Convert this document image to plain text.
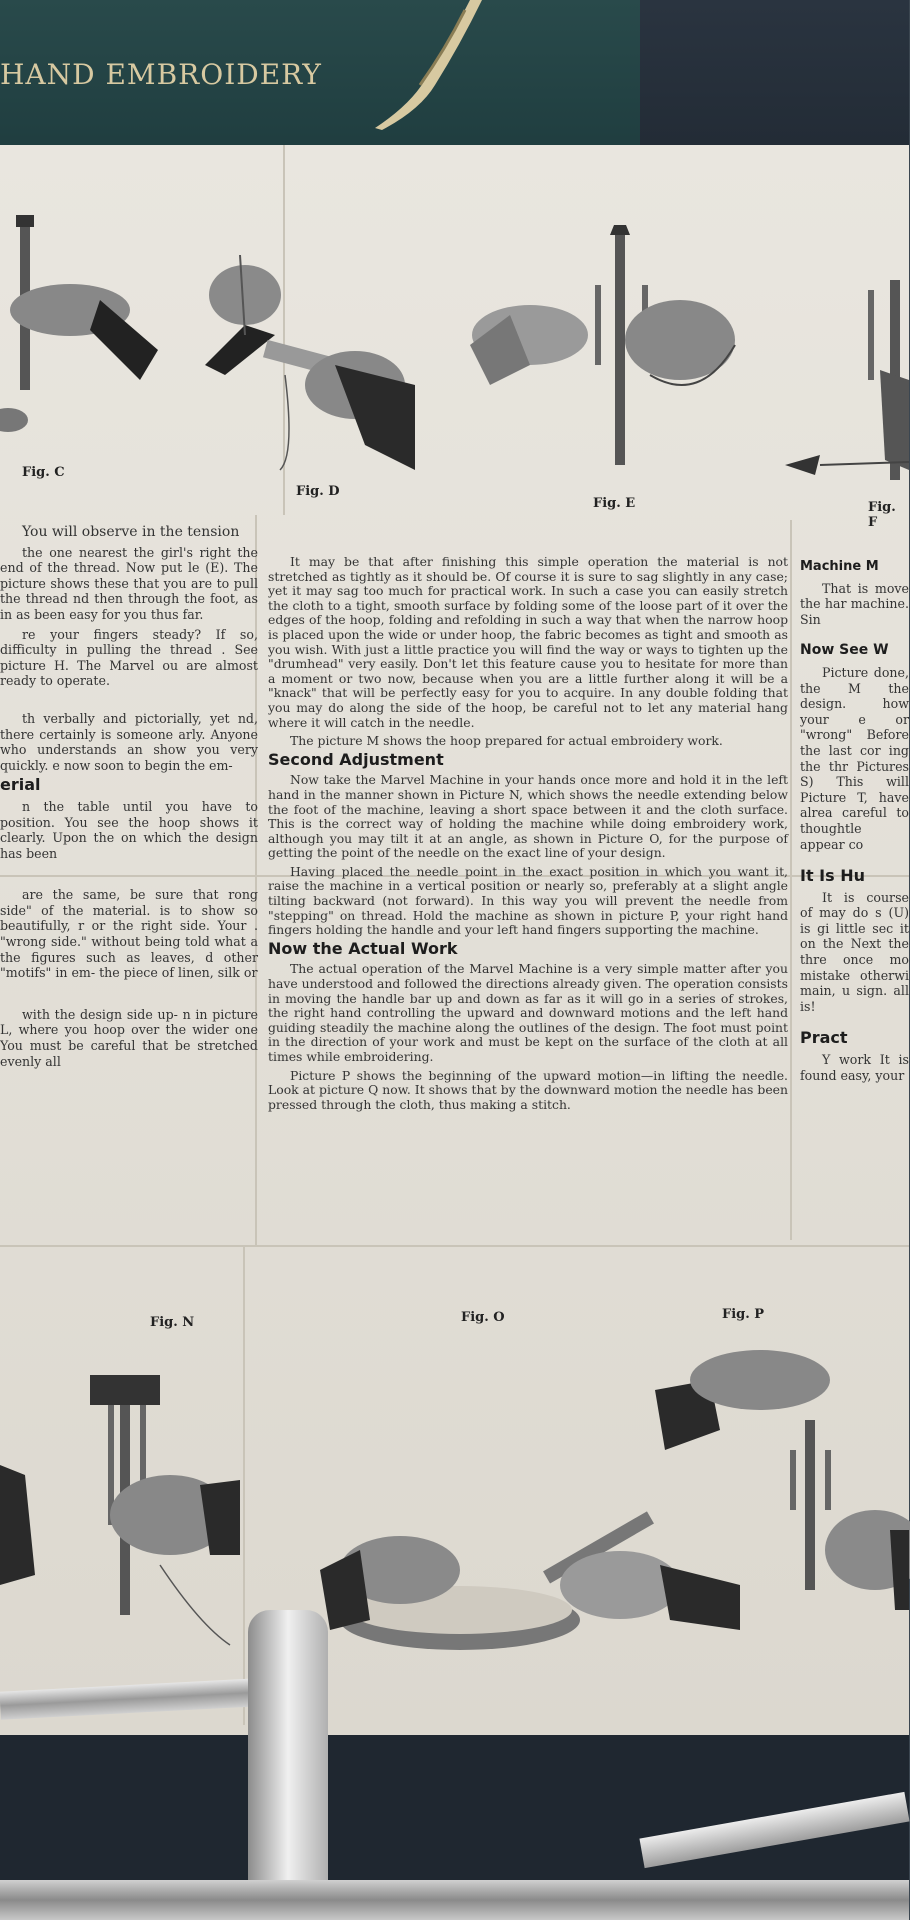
HAND EMBROIDERY
Fig. C
Fig. D
Fig. E	Fig. F

You will observe in the tension

the one nearest the girl's right the end of the thread. Now put le (E). The picture shows these that you are to pull the thread nd then through the foot, as in as been easy for you thus far.

re your fingers steady? If so, difficulty in pulling the thread . See picture H. The Marvel ou are almost ready to operate.

th verbally and pictorially, yet nd, there certainly is someone arly. Anyone who understands an show you very quickly. e now soon to begin the em-

erial

n the table until you have to position. You see the hoop shows it clearly. Upon the on which the design has been

are the same, be sure that rong side" of the material. is to show so beautifully, r or the right side. Your . "wrong side." without being told what a the figures such as leaves, d other "motifs" in em- the piece of linen, silk or

with the design side up- n in picture L, where you hoop over the wider one You must be careful that be stretched evenly all

It may be that after finishing this simple operation the material is not stretched as tightly as it should be. Of course it is sure to sag slightly in any case; yet it may sag too much for practical work. In such a case you can easily stretch the cloth to a tight, smooth surface by folding some of the loose part of it over the edges of the hoop, folding and refolding in such a way that when the narrow hoop is placed upon the wide or under hoop, the fabric becomes as tight and smooth as you wish. With just a little practice you will find the way or ways to tighten up the "drumhead" very easily. Don't let this feature cause you to hesitate for more than a moment or two now, because when you are a little further along it will be a "knack" that will be perfectly easy for you to acquire. In any double folding that you may do along the side of the hoop, be careful not to let any material hang where it will catch in the needle.

The picture M shows the hoop prepared for actual embroidery work.

Second Adjustment

Now take the Marvel Machine in your hands once more and hold it in the left hand in the manner shown in Picture N, which shows the needle extending below the foot of the machine, leaving a short space between it and the cloth surface. This is the correct way of holding the machine while doing embroidery work, although you may tilt it at an angle, as shown in Picture O, for the purpose of getting the point of the needle on the exact line of your design.

Having placed the needle point in the exact position in which you want it, raise the machine in a vertical position or nearly so, preferably at a slight angle tilting backward (not forward). In this way you will prevent the needle from "stepping" on thread. Hold the machine as shown in picture P, your right hand fingers holding the handle and your left hand fingers supporting the machine.

Now the Actual Work

The actual operation of the Marvel Machine is a very simple matter after you have understood and followed the directions already given. The operation consists in moving the handle bar up and down as far as it will go in a series of strokes, the right hand controlling the upward and downward motions and the left hand guiding steadily the machine along the outlines of the design. The foot must point in the direction of your work and must be kept on the surface of the cloth at all times while embroidering.

Picture P shows the beginning of the upward motion—in lifting the needle. Look at picture Q now. It shows that by the downward motion the needle has been pressed through the cloth, thus making a stitch.

Machine M

That is move the har machine. Sin

Now See W

Picture done, the M the design. how your e or "wrong" Before the last cor ing the thr Pictures S) This will Picture T, have alrea careful to thoughtle appear co

It Is Hu

It is course of may do s (U) is gi little sec it on the Next the thre once mo mistake otherwi main, u sign. all is!

Pract

Y work It is found easy, your

Fig. N	Fig. O	Fig. P
